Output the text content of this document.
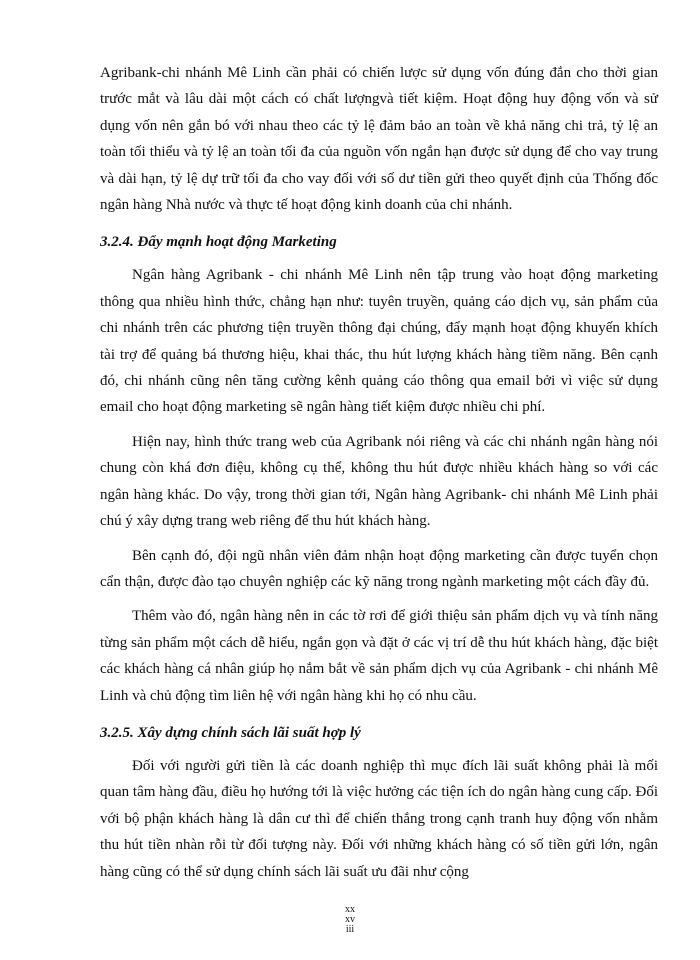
Agribank-chi nhánh Mê Linh cần phải có chiến lược sử dụng vốn đúng đắn cho thời gian trước mắt và lâu dài một cách có chất lượngvà tiết kiệm. Hoạt động huy động vốn và sử dụng vốn nên gắn bó với nhau theo các tỷ lệ đảm bảo an toàn về khả năng chi trả, tỷ lệ an toàn tối thiểu và tỷ lệ an toàn tối đa của nguồn vốn ngắn hạn được sử dụng để cho vay trung và dài hạn, tỷ lệ dự trữ tối đa cho vay đối với số dư tiền gửi theo quyết định của Thống đốc ngân hàng Nhà nước và thực tế hoạt động kinh doanh của chi nhánh.

3.2.4. Đẩy mạnh hoạt động Marketing

Ngân hàng Agribank - chi nhánh Mê Linh nên tập trung vào hoạt động marketing thông qua nhiều hình thức, chẳng hạn như: tuyên truyền, quảng cáo dịch vụ, sản phẩm của chi nhánh trên các phương tiện truyền thông đại chúng, đẩy mạnh hoạt động khuyến khích tài trợ để quảng bá thương hiệu, khai thác, thu hút lượng khách hàng tiềm năng. Bên cạnh đó, chi nhánh cũng nên tăng cường kênh quảng cáo thông qua email bởi vì việc sử dụng email cho hoạt động marketing sẽ ngân hàng tiết kiệm được nhiều chi phí.

Hiện nay, hình thức trang web của Agribank nói riêng và các chi nhánh ngân hàng nói chung còn khá đơn điệu, không cụ thể, không thu hút được nhiều khách hàng so với các ngân hàng khác. Do vậy, trong thời gian tới, Ngân hàng Agribank- chi nhánh Mê Linh phải chú ý xây dựng trang web riêng để thu hút khách hàng.

Bên cạnh đó, đội ngũ nhân viên đảm nhận hoạt động marketing cần được tuyển chọn cẩn thận, được đào tạo chuyên nghiệp các kỹ năng trong ngành marketing một cách đầy đủ.

Thêm vào đó, ngân hàng nên in các tờ rơi để giới thiệu sản phẩm dịch vụ và tính năng từng sản phẩm một cách dễ hiểu, ngắn gọn và đặt ở các vị trí dễ thu hút khách hàng, đặc biệt các khách hàng cá nhân giúp họ nắm bắt về sản phẩm dịch vụ của Agribank - chi nhánh Mê Linh và chủ động tìm liên hệ với ngân hàng khi họ có nhu cầu.

3.2.5. Xây dựng chính sách lãi suất hợp lý

Đối với người gửi tiền là các doanh nghiệp thì mục đích lãi suất không phải là mối quan tâm hàng đầu, điều họ hướng tới là việc hưởng các tiện ích do ngân hàng cung cấp. Đối với bộ phận khách hàng là dân cư thì để chiến thắng trong cạnh tranh huy động vốn nhằm thu hút tiền nhàn rỗi từ đối tượng này. Đối với những khách hàng có số tiền gửi lớn, ngân hàng cũng có thể sử dụng chính sách lãi suất ưu đãi như cộng

xx
xv
iii
